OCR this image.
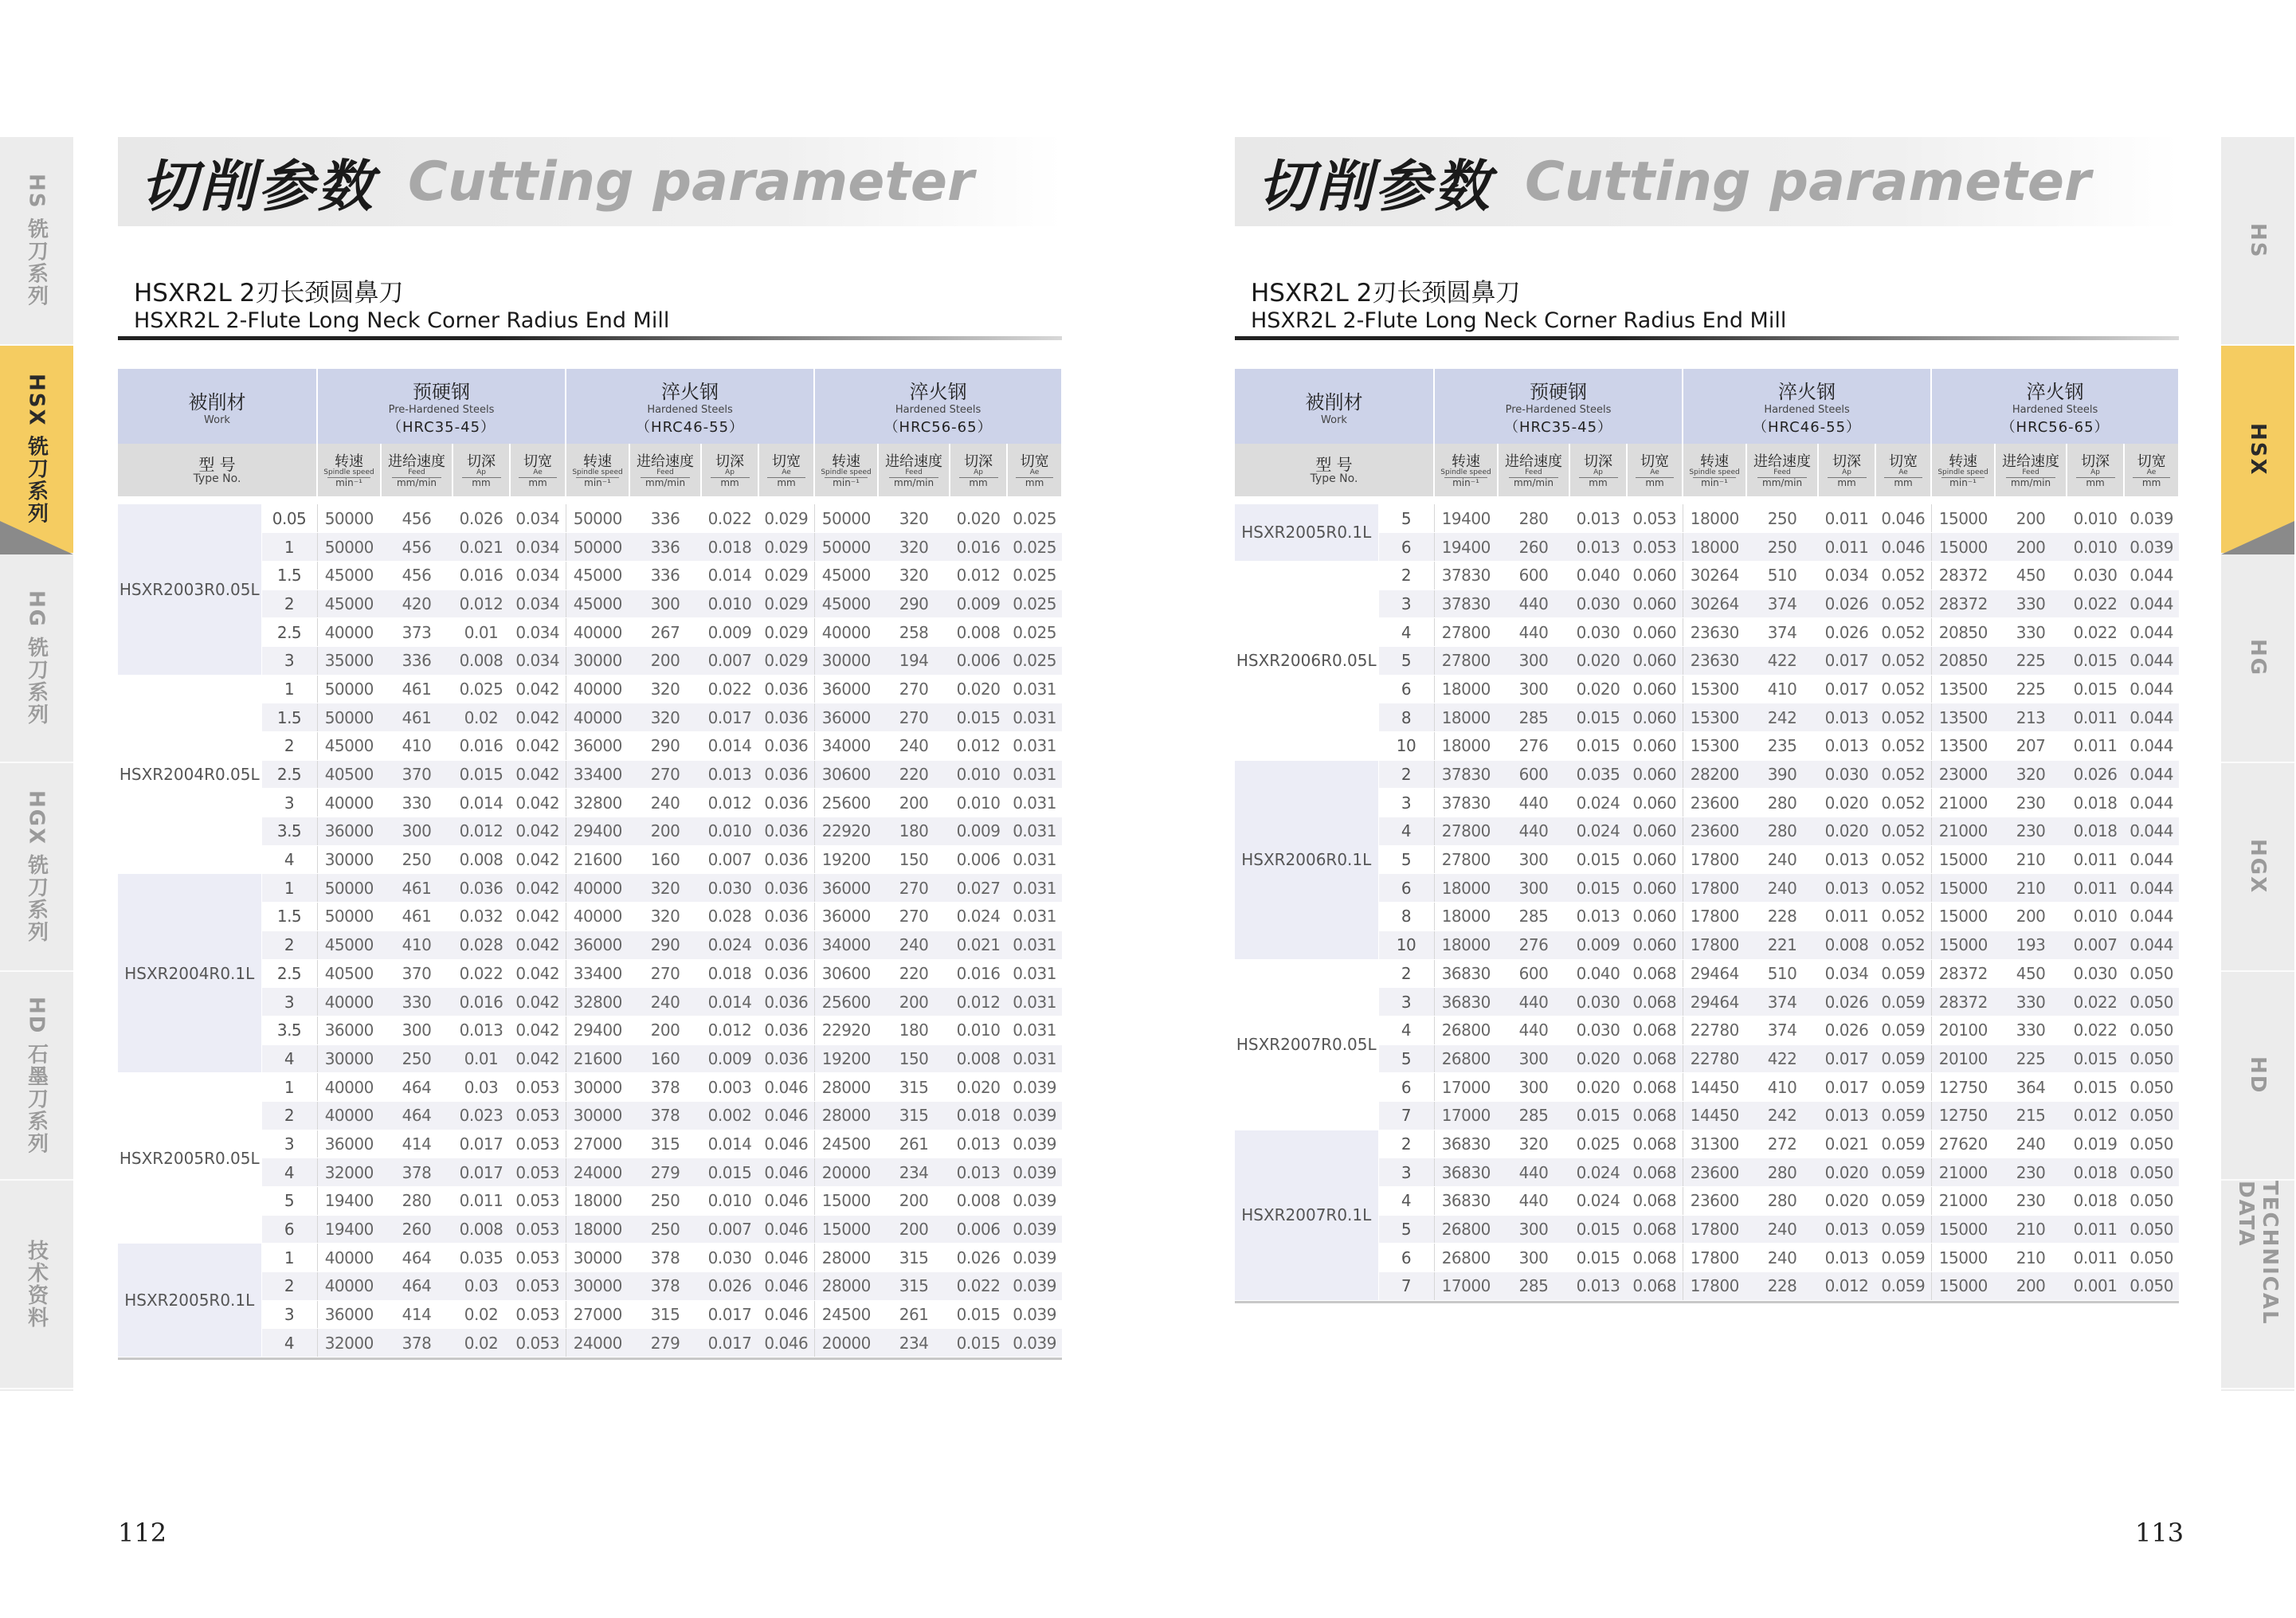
HS 铣刀系列
HSX 铣刀系列
HG 铣刀系列
HGX 铣刀系列
HD 石墨刀系列
技术资料
HS
HSX
HG
HGX
HD
TECHNICAL DATA
切削参数 Cutting parameter
HSXR2L 2刃长颈圆鼻刀
HSXR2L 2-Flute Long Neck Corner Radius End Mill
被削材
Work		预硬钢
Pre-Hardened Steels
（HRC35-45）				淬火钢
Hardened Steels
（HRC46-55）				淬火钢
Hardened Steels
（HRC56-65）			

型 号
Type No.		转速
Spindle speed
min⁻¹	进给速度
Feed
mm/min	切深
Ap
mm	切宽
Ae
mm	转速
Spindle speed
min⁻¹	进给速度
Feed
mm/min	切深
Ap
mm	切宽
Ae
mm	转速
Spindle speed
min⁻¹	进给速度
Feed
mm/min	切深
Ap
mm	切宽
Ae
mm

HSXR2003R0.05L	0.05	50000	456	0.026	0.034	50000	336	0.022	0.029	50000	320	0.020	0.025
	1	50000	456	0.021	0.034	50000	336	0.018	0.029	50000	320	0.016	0.025
	1.5	45000	456	0.016	0.034	45000	336	0.014	0.029	45000	320	0.012	0.025
	2	45000	420	0.012	0.034	45000	300	0.010	0.029	45000	290	0.009	0.025
	2.5	40000	373	0.01	0.034	40000	267	0.009	0.029	40000	258	0.008	0.025
	3	35000	336	0.008	0.034	30000	200	0.007	0.029	30000	194	0.006	0.025
HSXR2004R0.05L	1	50000	461	0.025	0.042	40000	320	0.022	0.036	36000	270	0.020	0.031
	1.5	50000	461	0.02	0.042	40000	320	0.017	0.036	36000	270	0.015	0.031
	2	45000	410	0.016	0.042	36000	290	0.014	0.036	34000	240	0.012	0.031
	2.5	40500	370	0.015	0.042	33400	270	0.013	0.036	30600	220	0.010	0.031
	3	40000	330	0.014	0.042	32800	240	0.012	0.036	25600	200	0.010	0.031
	3.5	36000	300	0.012	0.042	29400	200	0.010	0.036	22920	180	0.009	0.031
	4	30000	250	0.008	0.042	21600	160	0.007	0.036	19200	150	0.006	0.031
HSXR2004R0.1L	1	50000	461	0.036	0.042	40000	320	0.030	0.036	36000	270	0.027	0.031
	1.5	50000	461	0.032	0.042	40000	320	0.028	0.036	36000	270	0.024	0.031
	2	45000	410	0.028	0.042	36000	290	0.024	0.036	34000	240	0.021	0.031
	2.5	40500	370	0.022	0.042	33400	270	0.018	0.036	30600	220	0.016	0.031
	3	40000	330	0.016	0.042	32800	240	0.014	0.036	25600	200	0.012	0.031
	3.5	36000	300	0.013	0.042	29400	200	0.012	0.036	22920	180	0.010	0.031
	4	30000	250	0.01	0.042	21600	160	0.009	0.036	19200	150	0.008	0.031
HSXR2005R0.05L	1	40000	464	0.03	0.053	30000	378	0.003	0.046	28000	315	0.020	0.039
	2	40000	464	0.023	0.053	30000	378	0.002	0.046	28000	315	0.018	0.039
	3	36000	414	0.017	0.053	27000	315	0.014	0.046	24500	261	0.013	0.039
	4	32000	378	0.017	0.053	24000	279	0.015	0.046	20000	234	0.013	0.039
	5	19400	280	0.011	0.053	18000	250	0.010	0.046	15000	200	0.008	0.039
	6	19400	260	0.008	0.053	18000	250	0.007	0.046	15000	200	0.006	0.039
HSXR2005R0.1L	1	40000	464	0.035	0.053	30000	378	0.030	0.046	28000	315	0.026	0.039
	2	40000	464	0.03	0.053	30000	378	0.026	0.046	28000	315	0.022	0.039
	3	36000	414	0.02	0.053	27000	315	0.017	0.046	24500	261	0.015	0.039
	4	32000	378	0.02	0.053	24000	279	0.017	0.046	20000	234	0.015	0.039
切削参数 Cutting parameter
HSXR2L 2刃长颈圆鼻刀
HSXR2L 2-Flute Long Neck Corner Radius End Mill
被削材
Work		预硬钢
Pre-Hardened Steels
（HRC35-45）				淬火钢
Hardened Steels
（HRC46-55）				淬火钢
Hardened Steels
（HRC56-65）			

型 号
Type No.		转速
Spindle speed
min⁻¹	进给速度
Feed
mm/min	切深
Ap
mm	切宽
Ae
mm	转速
Spindle speed
min⁻¹	进给速度
Feed
mm/min	切深
Ap
mm	切宽
Ae
mm	转速
Spindle speed
min⁻¹	进给速度
Feed
mm/min	切深
Ap
mm	切宽
Ae
mm

HSXR2005R0.1L	5	19400	280	0.013	0.053	18000	250	0.011	0.046	15000	200	0.010	0.039
	6	19400	260	0.013	0.053	18000	250	0.011	0.046	15000	200	0.010	0.039
HSXR2006R0.05L	2	37830	600	0.040	0.060	30264	510	0.034	0.052	28372	450	0.030	0.044
	3	37830	440	0.030	0.060	30264	374	0.026	0.052	28372	330	0.022	0.044
	4	27800	440	0.030	0.060	23630	374	0.026	0.052	20850	330	0.022	0.044
	5	27800	300	0.020	0.060	23630	422	0.017	0.052	20850	225	0.015	0.044
	6	18000	300	0.020	0.060	15300	410	0.017	0.052	13500	225	0.015	0.044
	8	18000	285	0.015	0.060	15300	242	0.013	0.052	13500	213	0.011	0.044
	10	18000	276	0.015	0.060	15300	235	0.013	0.052	13500	207	0.011	0.044
HSXR2006R0.1L	2	37830	600	0.035	0.060	28200	390	0.030	0.052	23000	320	0.026	0.044
	3	37830	440	0.024	0.060	23600	280	0.020	0.052	21000	230	0.018	0.044
	4	27800	440	0.024	0.060	23600	280	0.020	0.052	21000	230	0.018	0.044
	5	27800	300	0.015	0.060	17800	240	0.013	0.052	15000	210	0.011	0.044
	6	18000	300	0.015	0.060	17800	240	0.013	0.052	15000	210	0.011	0.044
	8	18000	285	0.013	0.060	17800	228	0.011	0.052	15000	200	0.010	0.044
	10	18000	276	0.009	0.060	17800	221	0.008	0.052	15000	193	0.007	0.044
HSXR2007R0.05L	2	36830	600	0.040	0.068	29464	510	0.034	0.059	28372	450	0.030	0.050
	3	36830	440	0.030	0.068	29464	374	0.026	0.059	28372	330	0.022	0.050
	4	26800	440	0.030	0.068	22780	374	0.026	0.059	20100	330	0.022	0.050
	5	26800	300	0.020	0.068	22780	422	0.017	0.059	20100	225	0.015	0.050
	6	17000	300	0.020	0.068	14450	410	0.017	0.059	12750	364	0.015	0.050
	7	17000	285	0.015	0.068	14450	242	0.013	0.059	12750	215	0.012	0.050
HSXR2007R0.1L	2	36830	320	0.025	0.068	31300	272	0.021	0.059	27620	240	0.019	0.050
	3	36830	440	0.024	0.068	23600	280	0.020	0.059	21000	230	0.018	0.050
	4	36830	440	0.024	0.068	23600	280	0.020	0.059	21000	230	0.018	0.050
	5	26800	300	0.015	0.068	17800	240	0.013	0.059	15000	210	0.011	0.050
	6	26800	300	0.015	0.068	17800	240	0.013	0.059	15000	210	0.011	0.050
	7	17000	285	0.013	0.068	17800	228	0.012	0.059	15000	200	0.001	0.050
112	113
